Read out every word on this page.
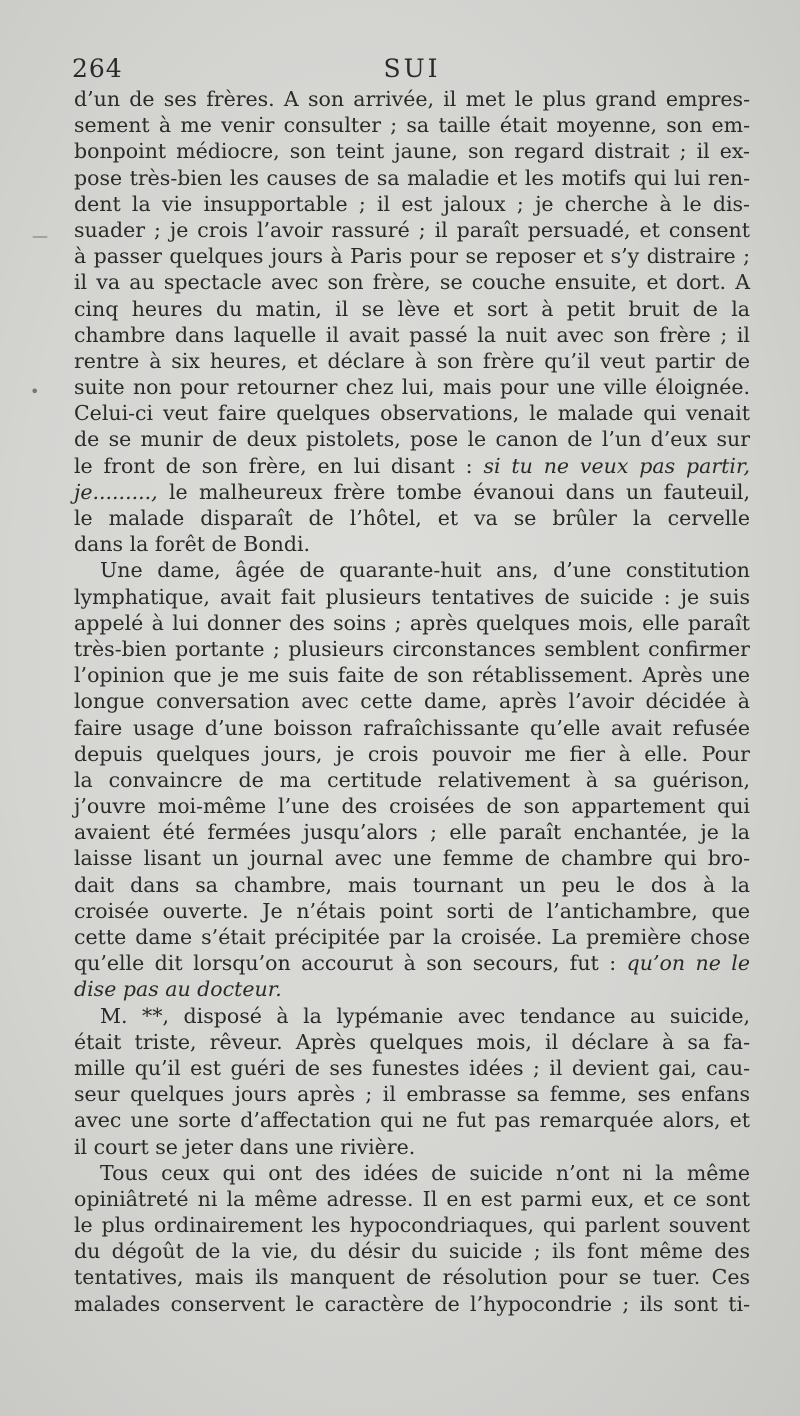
264	SUI
—
•
d’un de ses frères. A son arrivée, il met le plus grand empres-
sement à me venir consulter ; sa taille était moyenne, son em-
bonpoint médiocre, son teint jaune, son regard distrait ; il ex-
pose très-bien les causes de sa maladie et les motifs qui lui ren-
dent la vie insupportable ; il est jaloux ; je cherche à le dis-
suader ; je crois l’avoir rassuré ; il paraît persuadé, et consent
à passer quelques jours à Paris pour se reposer et s’y distraire ;
il va au spectacle avec son frère, se couche ensuite, et dort. A
cinq heures du matin, il se lève et sort à petit bruit de la
chambre dans laquelle il avait passé la nuit avec son frère ; il
rentre à six heures, et déclare à son frère qu’il veut partir de
suite non pour retourner chez lui, mais pour une ville éloignée.
Celui-ci veut faire quelques observations, le malade qui venait
de se munir de deux pistolets, pose le canon de l’un d’eux sur
le front de son frère, en lui disant : si tu ne veux pas partir,
je........., le malheureux frère tombe évanoui dans un fauteuil,
le malade disparaît de l’hôtel, et va se brûler la cervelle
dans la forêt de Bondi.
Une dame, âgée de quarante-huit ans, d’une constitution
lymphatique, avait fait plusieurs tentatives de suicide : je suis
appelé à lui donner des soins ; après quelques mois, elle paraît
très-bien portante ; plusieurs circonstances semblent confirmer
l’opinion que je me suis faite de son rétablissement. Après une
longue conversation avec cette dame, après l’avoir décidée à
faire usage d’une boisson rafraîchissante qu’elle avait refusée
depuis quelques jours, je crois pouvoir me fier à elle. Pour
la convaincre de ma certitude relativement à sa guérison,
j’ouvre moi-même l’une des croisées de son appartement qui
avaient été fermées jusqu’alors ; elle paraît enchantée, je la
laisse lisant un journal avec une femme de chambre qui bro-
dait dans sa chambre, mais tournant un peu le dos à la
croisée ouverte. Je n’étais point sorti de l’antichambre, que
cette dame s’était précipitée par la croisée. La première chose
qu’elle dit lorsqu’on accourut à son secours, fut : qu’on ne le
dise pas au docteur.
M. **, disposé à la lypémanie avec tendance au suicide,
était triste, rêveur. Après quelques mois, il déclare à sa fa-
mille qu’il est guéri de ses funestes idées ; il devient gai, cau-
seur quelques jours après ; il embrasse sa femme, ses enfans
avec une sorte d’affectation qui ne fut pas remarquée alors, et
il court se jeter dans une rivière.
Tous ceux qui ont des idées de suicide n’ont ni la même
opiniâtreté ni la même adresse. Il en est parmi eux, et ce sont
le plus ordinairement les hypocondriaques, qui parlent souvent
du dégoût de la vie, du désir du suicide ; ils font même des
tentatives, mais ils manquent de résolution pour se tuer. Ces
malades conservent le caractère de l’hypocondrie ; ils sont ti-
